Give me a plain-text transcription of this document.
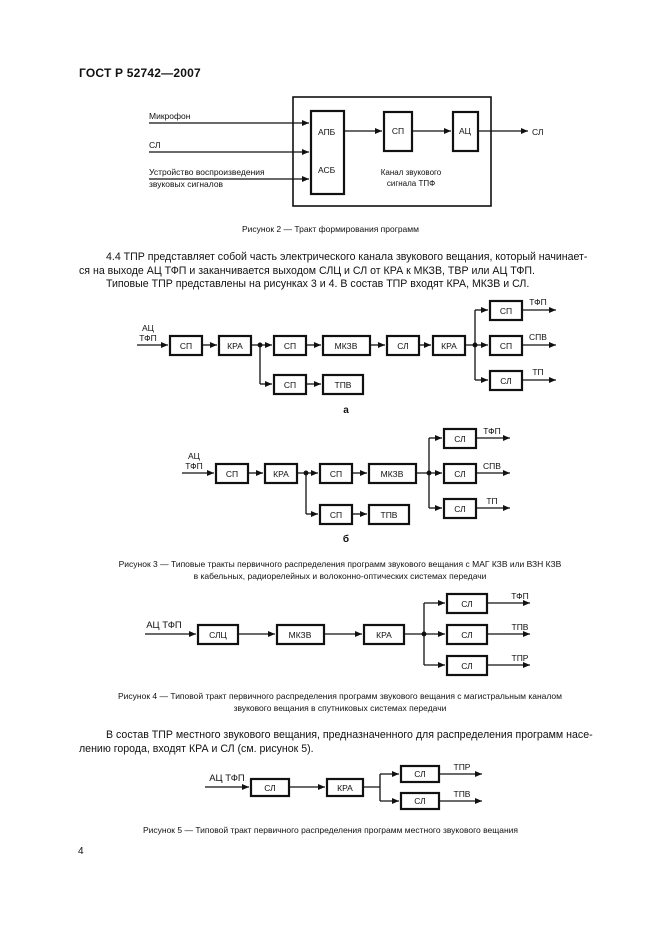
ГОСТ Р 52742—2007
Микрофон
СЛ
Устройство воспроизведения
звуковых сигналов
АПБ
АСБ
СП	АЦ
Канал звукового
сигнала ТПФ
СЛ
АЦ
ТФП
СП	КРА	СП	МКЗВ	СЛ	КРА
СП
СП
СЛ
СП	ТПВ
ТФП
СПВ
ТП
а
АЦ
ТФП
СП	КРА	СП	МКЗВ
СЛ
СЛ
СЛ
СП	ТПВ
ТФП
СПВ
ТП
б
АЦ ТФП
СЛЦ	МКЗВ	КРА
СЛ
СЛ
СЛ
ТФП
ТПВ
ТПР
АЦ ТФП
СЛ	КРА
СЛ
СЛ
ТПР
ТПВ
Рисунок 2 — Тракт формирования программ
4.4 ТПР представляет собой часть электрического канала звукового вещания, который начинает-
ся на выходе АЦ ТФП и заканчивается выходом СЛЦ и СЛ от КРА к МКЗВ, ТВР или АЦ ТФП.
Типовые ТПР представлены на рисунках 3 и 4. В состав ТПР входят КРА, МКЗВ и СЛ.
Рисунок 3 — Типовые тракты первичного распределения программ звукового вещания с МАГ КЗВ или ВЗН КЗВ
в кабельных, радиорелейных и волоконно-оптических системах передачи
Рисунок 4 — Типовой тракт первичного распределения программ звукового вещания с магистральным каналом
звукового вещания в спутниковых системах передачи
В состав ТПР местного звукового вещания, предназначенного для распределения программ насе-
лению города, входят КРА и СЛ (см. рисунок 5).
Рисунок 5 — Типовой тракт первичного распределения программ местного звукового вещания
4
